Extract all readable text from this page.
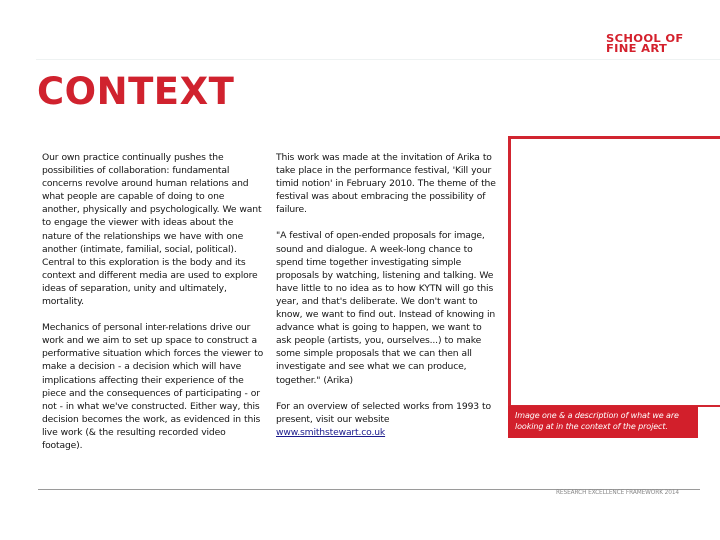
SCHOOL OF
FINE ART
CONTEXT

Our own practice continually pushes the possibilities of collaboration: fundamental concerns revolve around human relations and what people are capable of doing to one another, physically and psychologically. We want to engage the viewer with ideas about the nature of the relationships we have with one another (intimate, familial, social, political). Central to this exploration is the body and its context and different media are used to explore ideas of separation, unity and ultimately, mortality.

Mechanics of personal inter-relations drive our work and we aim to set up space to construct a performative situation which forces the viewer to make a decision - a decision which will have implications affecting their experience of the piece and the consequences of participating - or not - in what we've constructed. Either way, this decision becomes the work, as evidenced in this live work (& the resulting recorded video footage).

This work was made at the invitation of Arika to take place in the performance festival, 'Kill your timid notion' in February 2010. The theme of the festival was about embracing the possibility of failure.

"A festival of open-ended proposals for image, sound and dialogue. A week-long chance to spend time together investigating simple proposals by watching, listening and talking. We have little to no idea as to how KYTN will go this year, and that's deliberate. We don't want to know, we want to find out. Instead of knowing in advance what is going to happen, we want to ask people (artists, you, ourselves...) to make some simple proposals that we can then all investigate and see what we can produce, together." (Arika)

For an overview of selected works from 1993 to present, visit our website
www.smithstewart.co.uk

Image one & a description of what we are looking at in the context of the project.
RESEARCH EXCELLENCE FRAMEWORK 2014
